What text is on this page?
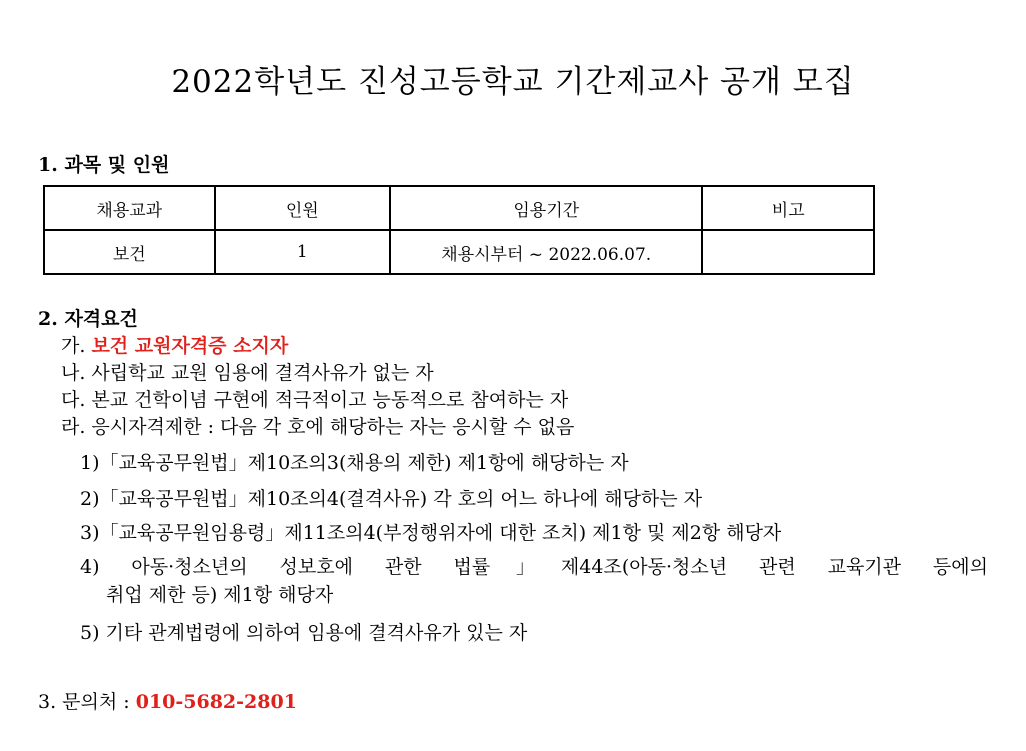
2022학년도 진성고등학교 기간제교사 공개 모집
1. 과목 및 인원
채용교과	인원	임용기간	비고
보건	1	채용시부터 ~ 2022.06.07.	
2. 자격요건
가. 보건 교원자격증 소지자
나. 사립학교 교원 임용에 결격사유가 없는 자
다. 본교 건학이념 구현에 적극적이고 능동적으로 참여하는 자
라. 응시자격제한 : 다음 각 호에 해당하는 자는 응시할 수 없음
1)「교육공무원법」제10조의3(채용의 제한) 제1항에 해당하는 자
2)「교육공무원법」제10조의4(결격사유) 각 호의 어느 하나에 해당하는 자
3)「교육공무원임용령」제11조의4(부정행위자에 대한 조치) 제1항 및 제2항 해당자
4) 아동·청소년의 성보호에 관한 법률」제44조(아동·청소년 관련 교육기관 등에의
취업 제한 등) 제1항 해당자
5) 기타 관계법령에 의하여 임용에 결격사유가 있는 자
3. 문의처 : 010-5682-2801
